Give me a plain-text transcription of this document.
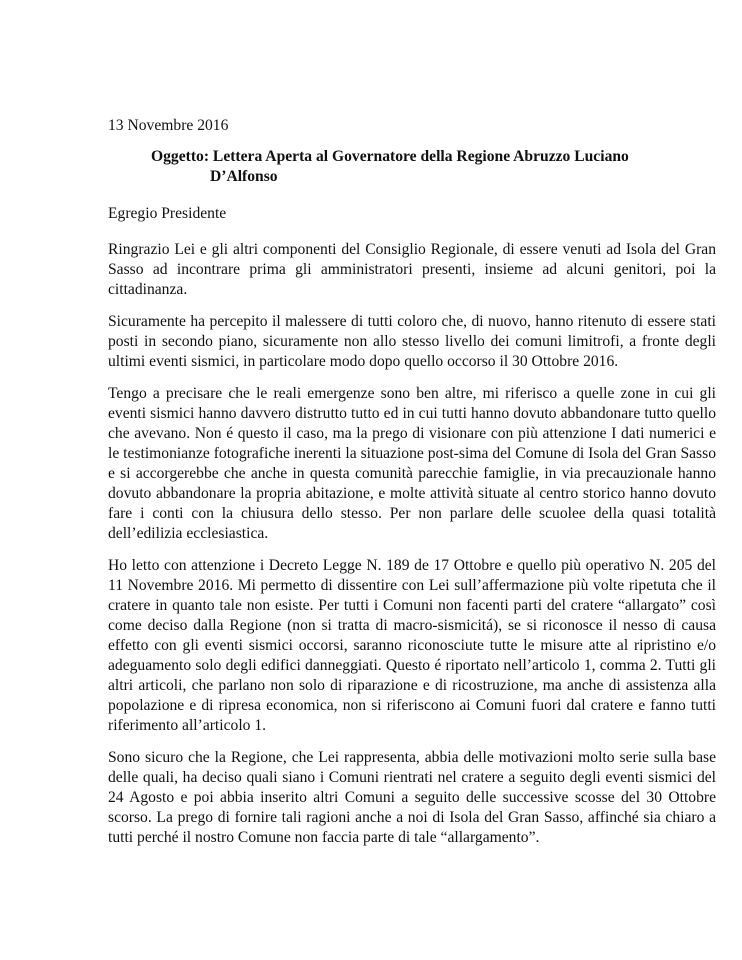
13 Novembre 2016
Oggetto: Lettera Aperta al Governatore della Regione Abruzzo Luciano
D’Alfonso
Egregio Presidente

Ringrazio Lei e gli altri componenti del Consiglio Regionale, di essere venuti ad Isola del Gran Sasso ad incontrare prima gli amministratori presenti, insieme ad alcuni genitori, poi la cittadinanza.

Sicuramente ha percepito il malessere di tutti coloro che, di nuovo, hanno ritenuto di essere stati posti in secondo piano, sicuramente non allo stesso livello dei comuni limitrofi, a fronte degli ultimi eventi sismici, in particolare modo dopo quello occorso il 30 Ottobre 2016.

Tengo a precisare che le reali emergenze sono ben altre, mi riferisco a quelle zone in cui gli eventi sismici hanno davvero distrutto tutto ed in cui tutti hanno dovuto abbandonare tutto quello che avevano. Non é questo il caso, ma la prego di visionare con più attenzione I dati numerici e le testimonianze fotografiche inerenti la situazione post-sima del Comune di Isola del Gran Sasso e si accorgerebbe che anche in questa comunità parecchie famiglie, in via precauzionale hanno dovuto abbandonare la propria abitazione, e molte attività situate al centro storico hanno dovuto fare i conti con la chiusura dello stesso. Per non parlare delle scuolee della quasi totalità dell’edilizia ecclesiastica.

Ho letto con attenzione i Decreto Legge N. 189 de 17 Ottobre e quello più operativo N. 205 del 11 Novembre 2016. Mi permetto di dissentire con Lei sull’affermazione più volte ripetuta che il cratere in quanto tale non esiste. Per tutti i Comuni non facenti parti del cratere “allargato” così come deciso dalla Regione (non si tratta di macro-sismicitá), se si riconosce il nesso di causa effetto con gli eventi sismici occorsi, saranno riconosciute tutte le misure atte al ripristino e/o adeguamento solo degli edifici danneggiati. Questo é riportato nell’articolo 1, comma 2. Tutti gli altri articoli, che parlano non solo di riparazione e di ricostruzione, ma anche di assistenza alla popolazione e di ripresa economica, non si riferiscono ai Comuni fuori dal cratere e fanno tutti riferimento all’articolo 1.

Sono sicuro che la Regione, che Lei rappresenta, abbia delle motivazioni molto serie sulla base delle quali, ha deciso quali siano i Comuni rientrati nel cratere a seguito degli eventi sismici del 24 Agosto e poi abbia inserito altri Comuni a seguito delle successive scosse del 30 Ottobre scorso. La prego di fornire tali ragioni anche a noi di Isola del Gran Sasso, affinché sia chiaro a tutti perché il nostro Comune non faccia parte di tale “allargamento”.
